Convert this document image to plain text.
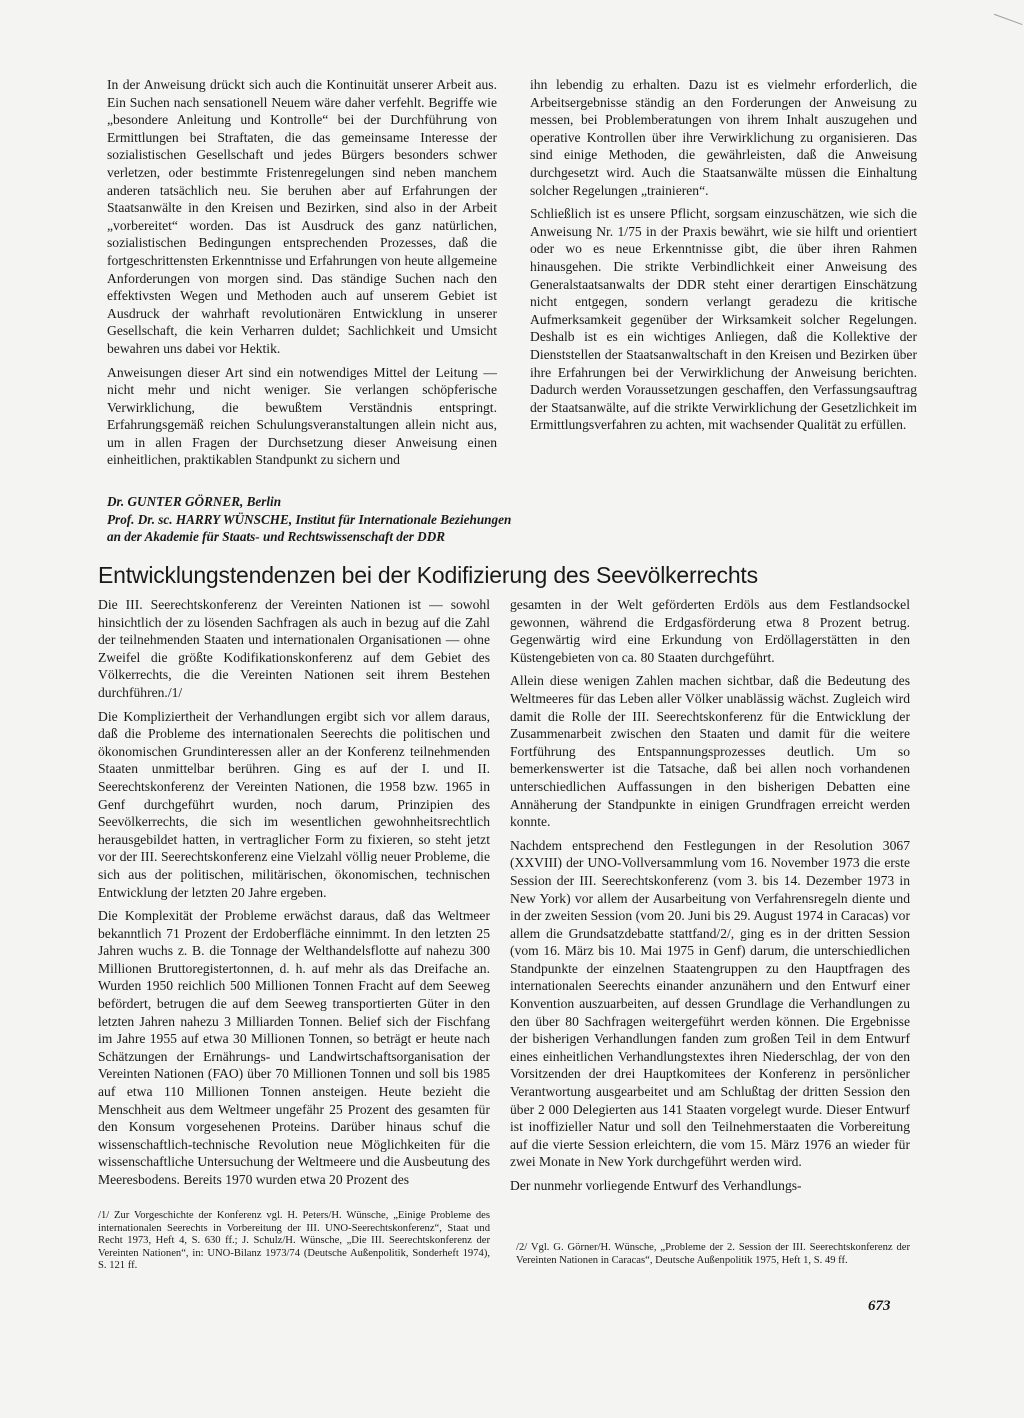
In der Anweisung drückt sich auch die Kontinuität unserer Arbeit aus. Ein Suchen nach sensationell Neuem wäre daher verfehlt. Begriffe wie „besondere Anleitung und Kontrolle“ bei der Durchführung von Ermittlungen bei Straftaten, die das gemeinsame Interesse der sozialistischen Gesellschaft und jedes Bürgers besonders schwer verletzen, oder bestimmte Fristenregelungen sind neben manchem anderen tatsächlich neu. Sie beruhen aber auf Erfahrungen der Staatsanwälte in den Kreisen und Bezirken, sind also in der Arbeit „vorbereitet“ worden. Das ist Ausdruck des ganz natürlichen, sozialistischen Bedingungen entsprechenden Prozesses, daß die fortgeschrittensten Erkenntnisse und Erfahrungen von heute allgemeine Anforderungen von morgen sind. Das ständige Suchen nach den effektivsten Wegen und Methoden auch auf unserem Gebiet ist Ausdruck der wahrhaft revolutionären Entwicklung in unserer Gesellschaft, die kein Verharren duldet; Sachlichkeit und Umsicht bewahren uns dabei vor Hektik.

Anweisungen dieser Art sind ein notwendiges Mittel der Leitung — nicht mehr und nicht weniger. Sie verlangen schöpferische Verwirklichung, die bewußtem Verständnis entspringt. Erfahrungsgemäß reichen Schulungsveranstaltungen allein nicht aus, um in allen Fragen der Durchsetzung dieser Anweisung einen einheitlichen, praktikablen Standpunkt zu sichern und

ihn lebendig zu erhalten. Dazu ist es vielmehr erforderlich, die Arbeitsergebnisse ständig an den Forderungen der Anweisung zu messen, bei Problemberatungen von ihrem Inhalt auszugehen und operative Kontrollen über ihre Verwirklichung zu organisieren. Das sind einige Methoden, die gewährleisten, daß die Anweisung durchgesetzt wird. Auch die Staatsanwälte müssen die Einhaltung solcher Regelungen „trainieren“.

Schließlich ist es unsere Pflicht, sorgsam einzuschätzen, wie sich die Anweisung Nr. 1/75 in der Praxis bewährt, wie sie hilft und orientiert oder wo es neue Erkenntnisse gibt, die über ihren Rahmen hinausgehen. Die strikte Verbindlichkeit einer Anweisung des Generalstaatsanwalts der DDR steht einer derartigen Einschätzung nicht entgegen, sondern verlangt geradezu die kritische Aufmerksamkeit gegenüber der Wirksamkeit solcher Regelungen. Deshalb ist es ein wichtiges Anliegen, daß die Kollektive der Dienststellen der Staatsanwaltschaft in den Kreisen und Bezirken über ihre Erfahrungen bei der Verwirklichung der Anweisung berichten. Dadurch werden Voraussetzungen geschaffen, den Verfassungsauftrag der Staatsanwälte, auf die strikte Verwirklichung der Gesetzlichkeit im Ermittlungsverfahren zu achten, mit wachsender Qualität zu erfüllen.

Dr. GUNTER GÖRNER, Berlin
Prof. Dr. sc. HARRY WÜNSCHE, Institut für Internationale Beziehungen
an der Akademie für Staats- und Rechtswissenschaft der DDR
Entwicklungstendenzen bei der Kodifizierung des Seevölkerrechts

Die III. Seerechtskonferenz der Vereinten Nationen ist — sowohl hinsichtlich der zu lösenden Sachfragen als auch in bezug auf die Zahl der teilnehmenden Staaten und internationalen Organisationen — ohne Zweifel die größte Kodifikationskonferenz auf dem Gebiet des Völkerrechts, die die Vereinten Nationen seit ihrem Bestehen durchführen./1/

Die Kompliziertheit der Verhandlungen ergibt sich vor allem daraus, daß die Probleme des internationalen Seerechts die politischen und ökonomischen Grundinteressen aller an der Konferenz teilnehmenden Staaten unmittelbar berühren. Ging es auf der I. und II. Seerechtskonferenz der Vereinten Nationen, die 1958 bzw. 1965 in Genf durchgeführt wurden, noch darum, Prinzipien des Seevölkerrechts, die sich im wesentlichen gewohnheitsrechtlich herausgebildet hatten, in vertraglicher Form zu fixieren, so steht jetzt vor der III. Seerechtskonferenz eine Vielzahl völlig neuer Probleme, die sich aus der politischen, militärischen, ökonomischen, technischen Entwicklung der letzten 20 Jahre ergeben.

Die Komplexität der Probleme erwächst daraus, daß das Weltmeer bekanntlich 71 Prozent der Erdoberfläche einnimmt. In den letzten 25 Jahren wuchs z. B. die Tonnage der Welthandelsflotte auf nahezu 300 Millionen Bruttoregistertonnen, d. h. auf mehr als das Dreifache an. Wurden 1950 reichlich 500 Millionen Tonnen Fracht auf dem Seeweg befördert, betrugen die auf dem Seeweg transportierten Güter in den letzten Jahren nahezu 3 Milliarden Tonnen. Belief sich der Fischfang im Jahre 1955 auf etwa 30 Millionen Tonnen, so beträgt er heute nach Schätzungen der Ernährungs- und Landwirtschaftsorganisation der Vereinten Nationen (FAO) über 70 Millionen Tonnen und soll bis 1985 auf etwa 110 Millionen Tonnen ansteigen. Heute bezieht die Menschheit aus dem Weltmeer ungefähr 25 Prozent des gesamten für den Konsum vorgesehenen Proteins. Darüber hinaus schuf die wissenschaftlich-technische Revolution neue Möglichkeiten für die wissenschaftliche Untersuchung der Weltmeere und die Ausbeutung des Meeresbodens. Bereits 1970 wurden etwa 20 Prozent des

gesamten in der Welt geförderten Erdöls aus dem Festlandsockel gewonnen, während die Erdgasförderung etwa 8 Prozent betrug. Gegenwärtig wird eine Erkundung von Erdöllagerstätten in den Küstengebieten von ca. 80 Staaten durchgeführt.

Allein diese wenigen Zahlen machen sichtbar, daß die Bedeutung des Weltmeeres für das Leben aller Völker unablässig wächst. Zugleich wird damit die Rolle der III. Seerechtskonferenz für die Entwicklung der Zusammenarbeit zwischen den Staaten und damit für die weitere Fortführung des Entspannungsprozesses deutlich. Um so bemerkenswerter ist die Tatsache, daß bei allen noch vorhandenen unterschiedlichen Auffassungen in den bisherigen Debatten eine Annäherung der Standpunkte in einigen Grundfragen erreicht werden konnte.

Nachdem entsprechend den Festlegungen in der Resolution 3067 (XXVIII) der UNO-Vollversammlung vom 16. November 1973 die erste Session der III. Seerechtskonferenz (vom 3. bis 14. Dezember 1973 in New York) vor allem der Ausarbeitung von Verfahrensregeln diente und in der zweiten Session (vom 20. Juni bis 29. August 1974 in Caracas) vor allem die Grundsatzdebatte stattfand/2/, ging es in der dritten Session (vom 16. März bis 10. Mai 1975 in Genf) darum, die unterschiedlichen Standpunkte der einzelnen Staatengruppen zu den Hauptfragen des internationalen Seerechts einander anzunähern und den Entwurf einer Konvention auszuarbeiten, auf dessen Grundlage die Verhandlungen zu den über 80 Sachfragen weitergeführt werden können. Die Ergebnisse der bisherigen Verhandlungen fanden zum großen Teil in dem Entwurf eines einheitlichen Verhandlungstextes ihren Niederschlag, der von den Vorsitzenden der drei Hauptkomitees der Konferenz in persönlicher Verantwortung ausgearbeitet und am Schlußtag der dritten Session den über 2 000 Delegierten aus 141 Staaten vorgelegt wurde. Dieser Entwurf ist inoffizieller Natur und soll den Teilnehmerstaaten die Vorbereitung auf die vierte Session erleichtern, die vom 15. März 1976 an wieder für zwei Monate in New York durchgeführt werden wird.

Der nunmehr vorliegende Entwurf des Verhandlungs-

/1/ Zur Vorgeschichte der Konferenz vgl. H. Peters/H. Wünsche, „Einige Probleme des internationalen Seerechts in Vorbereitung der III. UNO-Seerechtskonferenz“, Staat und Recht 1973, Heft 4, S. 630 ff.; J. Schulz/H. Wünsche, „Die III. Seerechtskonferenz der Vereinten Nationen“, in: UNO-Bilanz 1973/74 (Deutsche Außenpolitik, Sonderheft 1974), S. 121 ff.
/2/ Vgl. G. Görner/H. Wünsche, „Probleme der 2. Session der III. Seerechtskonferenz der Vereinten Nationen in Caracas“, Deutsche Außenpolitik 1975, Heft 1, S. 49 ff.
673
